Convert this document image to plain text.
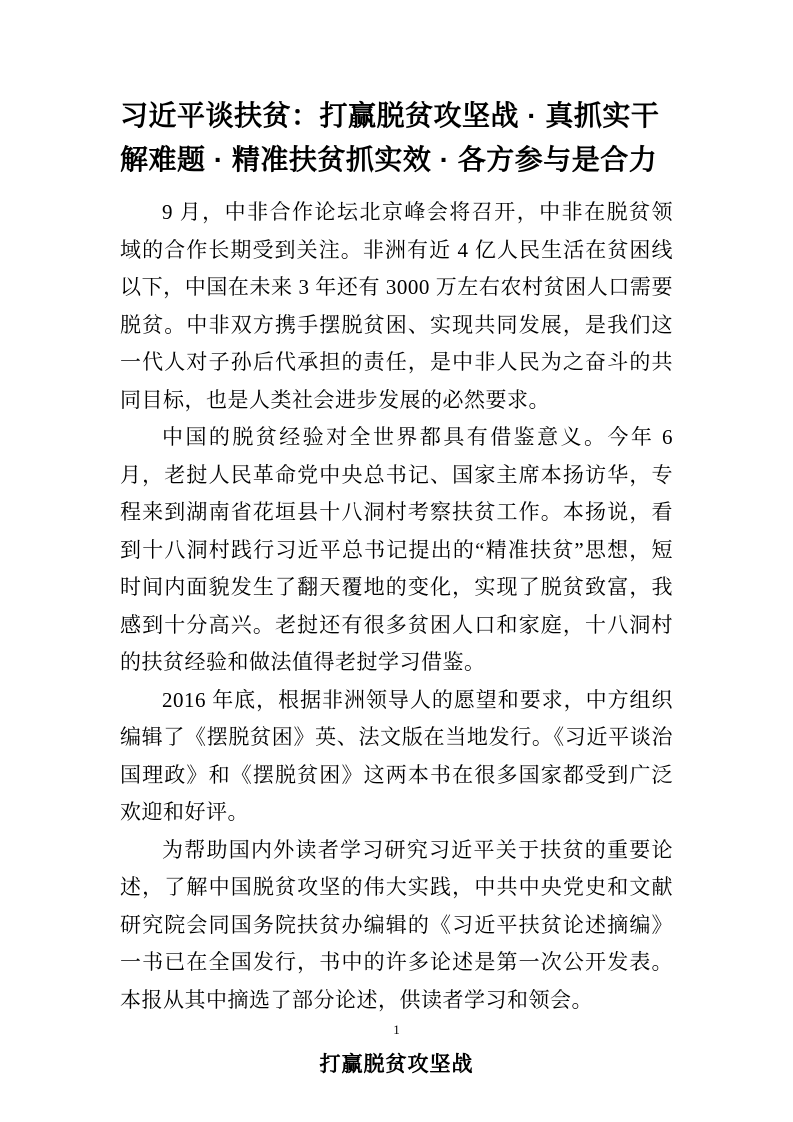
习近平谈扶贫：打赢脱贫攻坚战 · 真抓实干解难题 · 精准扶贫抓实效 · 各方参与是合力

9 月，中非合作论坛北京峰会将召开，中非在脱贫领域的合作长期受到关注。非洲有近 4 亿人民生活在贫困线以下，中国在未来 3 年还有 3000 万左右农村贫困人口需要脱贫。中非双方携手摆脱贫困、实现共同发展，是我们这一代人对子孙后代承担的责任，是中非人民为之奋斗的共同目标，也是人类社会进步发展的必然要求。

中国的脱贫经验对全世界都具有借鉴意义。今年 6 月，老挝人民革命党中央总书记、国家主席本扬访华，专程来到湖南省花垣县十八洞村考察扶贫工作。本扬说，看到十八洞村践行习近平总书记提出的“精准扶贫”思想，短时间内面貌发生了翻天覆地的变化，实现了脱贫致富，我感到十分高兴。老挝还有很多贫困人口和家庭，十八洞村的扶贫经验和做法值得老挝学习借鉴。

2016 年底，根据非洲领导人的愿望和要求，中方组织编辑了《摆脱贫困》英、法文版在当地发行。《习近平谈治国理政》和《摆脱贫困》这两本书在很多国家都受到广泛欢迎和好评。

为帮助国内外读者学习研究习近平关于扶贫的重要论述，了解中国脱贫攻坚的伟大实践，中共中央党史和文献研究院会同国务院扶贫办编辑的《习近平扶贫论述摘编》一书已在全国发行，书中的许多论述是第一次公开发表。本报从其中摘选了部分论述，供读者学习和领会。

打赢脱贫攻坚战
1
